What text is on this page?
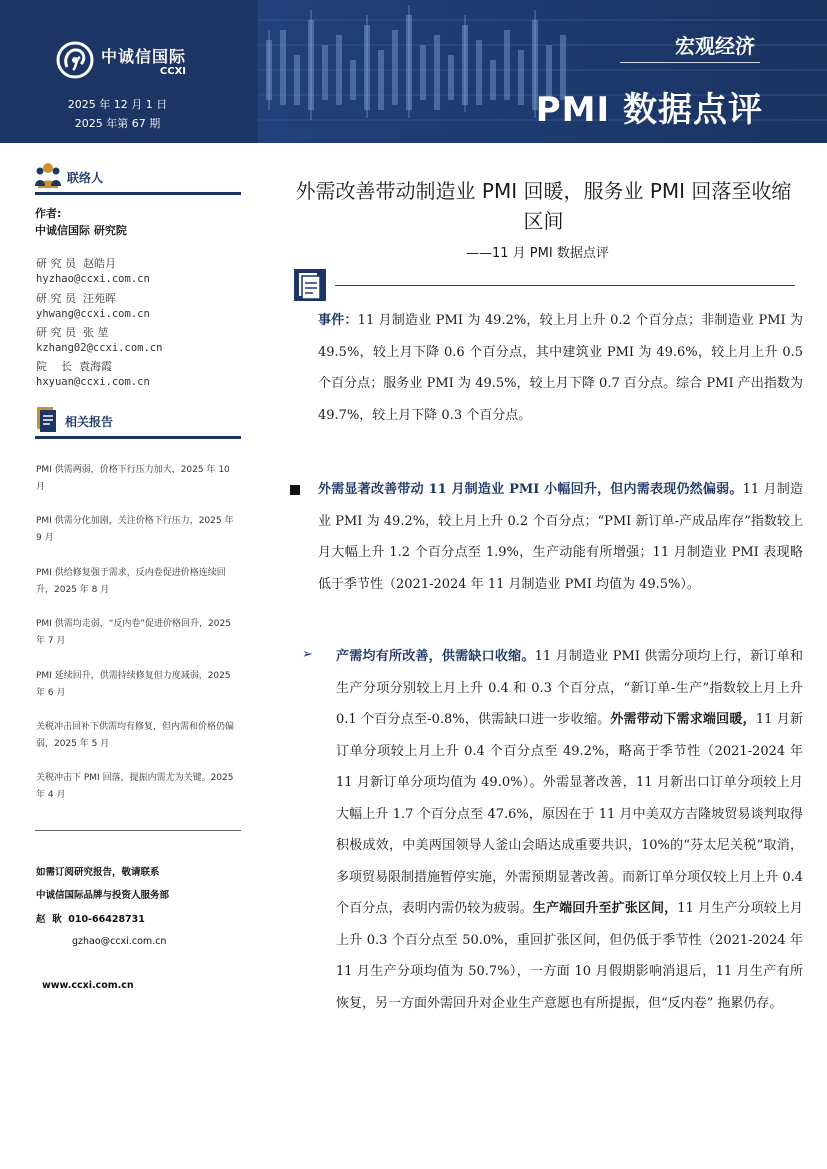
中诚信国际
CCXI
2025 年 12 月 1 日
2025 年第 67 期
宏观经济
PMI 数据点评
联络人
作者:
中诚信国际 研究院
研 究 员  赵皓月
hyzhao@ccxi.com.cn
研 究 员  汪苑晖
yhwang@ccxi.com.cn
研 究 员  张 堃
kzhang02@ccxi.com.cn
院    长  袁海霞
hxyuan@ccxi.com.cn
相关报告
PMI 供需两弱，价格下行压力加大，2025 年 10 月
PMI 供需分化加剧，关注价格下行压力，2025 年 9 月
PMI 供给修复强于需求，反内卷促进价格连续回升，2025 年 8 月
PMI 供需均走弱，“反内卷”促进价格回升，2025 年 7 月
PMI 延续回升，供需持续修复但力度减弱，2025 年 6 月
关税冲击回补下供需均有修复，但内需和价格仍偏弱，2025 年 5 月
关税冲击下 PMI 回落，提振内需尤为关键。2025 年 4 月
如需订阅研究报告，敬请联系
中诚信国际品牌与投资人服务部
赵  耿  010-66428731
gzhao@ccxi.com.cn
www.ccxi.com.cn
外需改善带动制造业 PMI 回暖，服务业 PMI 回落至收缩
区间
——11 月 PMI 数据点评
事件：11 月制造业 PMI 为 49.2%，较上月上升 0.2 个百分点；非制造业 PMI 为 49.5%，较上月下降 0.6 个百分点，其中建筑业 PMI 为 49.6%，较上月上升 0.5 个百分点；服务业 PMI 为 49.5%，较上月下降 0.7 百分点。综合 PMI 产出指数为 49.7%，较上月下降 0.3 个百分点。
外需显著改善带动 11 月制造业 PMI 小幅回升，但内需表现仍然偏弱。11 月制造业 PMI 为 49.2%，较上月上升 0.2 个百分点；“PMI 新订单-产成品库存”指数较上月大幅上升 1.2 个百分点至 1.9%，生产动能有所增强；11 月制造业 PMI 表现略低于季节性（2021-2024 年 11 月制造业 PMI 均值为 49.5%）。
➢ 产需均有所改善，供需缺口收缩。11 月制造业 PMI 供需分项均上行，新订单和生产分项分别较上月上升 0.4 和 0.3 个百分点，“新订单-生产”指数较上月上升 0.1 个百分点至-0.8%，供需缺口进一步收缩。外需带动下需求端回暖，11 月新订单分项较上月上升 0.4 个百分点至 49.2%，略高于季节性（2021-2024 年 11 月新订单分项均值为 49.0%）。外需显著改善，11 月新出口订单分项较上月大幅上升 1.7 个百分点至 47.6%，原因在于 11 月中美双方吉隆坡贸易谈判取得积极成效，中美两国领导人釜山会晤达成重要共识，10%的“芬太尼关税”取消，多项贸易限制措施暂停实施，外需预期显著改善。而新订单分项仅较上月上升 0.4 个百分点，表明内需仍较为疲弱。生产端回升至扩张区间，11 月生产分项较上月上升 0.3 个百分点至 50.0%，重回扩张区间，但仍低于季节性（2021-2024 年 11 月生产分项均值为 50.7%），一方面 10 月假期影响消退后，11 月生产有所恢复，另一方面外需回升对企业生产意愿也有所提振，但“反内卷” 拖累仍存。
